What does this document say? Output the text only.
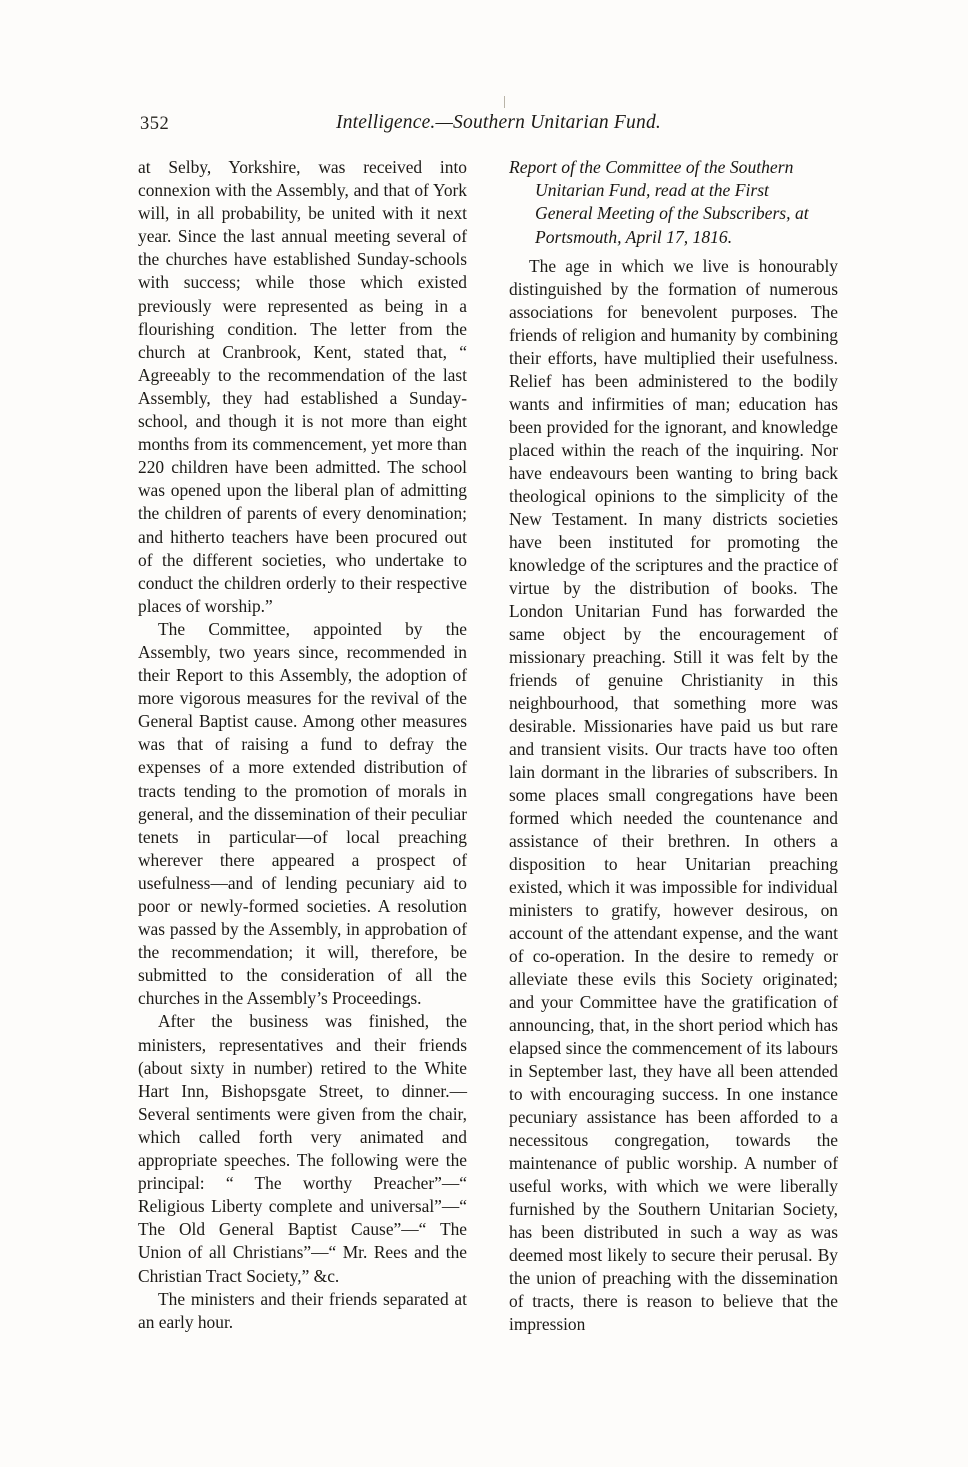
352	Intelligence.—Southern Unitarian Fund.

at Selby, Yorkshire, was received into connexion with the Assembly, and that of York will, in all probability, be united with it next year. Since the last annual meeting several of the churches have established Sunday-schools with success; while those which existed previously were represented as being in a flourishing condition. The letter from the church at Cranbrook, Kent, stated that, “ Agreeably to the recommendation of the last Assembly, they had established a Sunday-school, and though it is not more than eight months from its commencement, yet more than 220 children have been admitted. The school was opened upon the liberal plan of admitting the children of parents of every denomination; and hitherto teachers have been procured out of the different societies, who undertake to conduct the children orderly to their respective places of worship.”

The Committee, appointed by the Assembly, two years since, recommended in their Report to this Assembly, the adoption of more vigorous measures for the revival of the General Baptist cause. Among other measures was that of raising a fund to defray the expenses of a more extended distribution of tracts tending to the promotion of morals in general, and the dissemination of their peculiar tenets in particular—of local preaching wherever there appeared a prospect of usefulness—and of lending pecuniary aid to poor or newly-formed societies. A resolution was passed by the Assembly, in approbation of the recommendation; it will, therefore, be submitted to the consideration of all the churches in the Assembly’s Proceedings.

After the business was finished, the ministers, representatives and their friends (about sixty in number) retired to the White Hart Inn, Bishopsgate Street, to dinner.—Several sentiments were given from the chair, which called forth very animated and appropriate speeches. The following were the principal: “ The worthy Preacher”—“ Religious Liberty complete and universal”—“ The Old General Baptist Cause”—“ The Union of all Christians”—“ Mr. Rees and the Christian Tract Society,” &c.

The ministers and their friends separated at an early hour.

Report of the Committee of the Southern
Unitarian Fund, read at the First
General Meeting of the Subscribers, at
Portsmouth, April 17, 1816.

The age in which we live is honourably distinguished by the formation of numerous associations for benevolent purposes. The friends of religion and humanity by combining their efforts, have multiplied their usefulness. Relief has been administered to the bodily wants and infirmities of man; education has been provided for the ignorant, and knowledge placed within the reach of the inquiring. Nor have endeavours been wanting to bring back theological opinions to the simplicity of the New Testament. In many districts societies have been instituted for promoting the knowledge of the scriptures and the practice of virtue by the distribution of books. The London Unitarian Fund has forwarded the same object by the encouragement of missionary preaching. Still it was felt by the friends of genuine Christianity in this neighbourhood, that something more was desirable. Missionaries have paid us but rare and transient visits. Our tracts have too often lain dormant in the libraries of subscribers. In some places small congregations have been formed which needed the countenance and assistance of their brethren. In others a disposition to hear Unitarian preaching existed, which it was impossible for individual ministers to gratify, however desirous, on account of the attendant expense, and the want of co-operation. In the desire to remedy or alleviate these evils this Society originated; and your Committee have the gratification of announcing, that, in the short period which has elapsed since the commencement of its labours in September last, they have all been attended to with encouraging success. In one instance pecuniary assistance has been afforded to a necessitous congregation, towards the maintenance of public worship. A number of useful works, with which we were liberally furnished by the Southern Unitarian Society, has been distributed in such a way as was deemed most likely to secure their perusal. By the union of preaching with the dissemination of tracts, there is reason to believe that the impression
